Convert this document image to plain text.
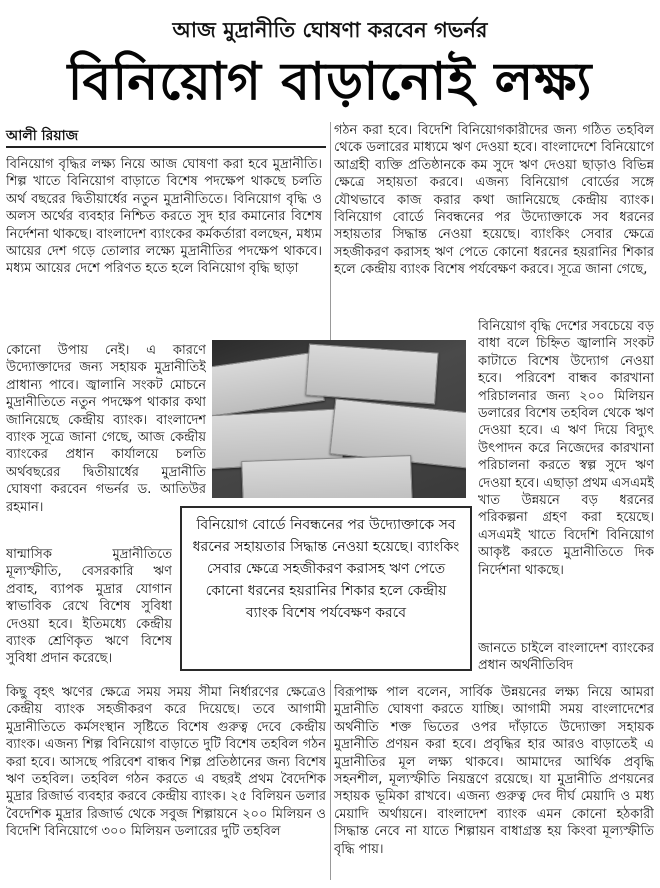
আজ মুদ্রানীতি ঘোষণা করবেন গভর্নর
বিনিয়োগ বাড়ানোই লক্ষ্য
আলী রিয়াজ
বিনিয়োগ বৃদ্ধির লক্ষ্য নিয়ে আজ ঘোষণা করা হবে মুদ্রানীতি। শিল্প খাতে বিনিয়োগ বাড়াতে বিশেষ পদক্ষেপ থাকছে চলতি অর্থ বছরের দ্বিতীয়ার্ধের নতুন মুদ্রানীতিতে। বিনিয়োগ বৃদ্ধি ও অলস অর্থের ব্যবহার নিশ্চিত করতে সুদ হার কমানোর বিশেষ নির্দেশনা থাকছে। বাংলাদেশ ব্যাংকের কর্মকর্তারা বলছেন, মধ্যম আয়ের দেশ গড়ে তোলার লক্ষ্যে মুদ্রানীতির পদক্ষেপ থাকবে। মধ্যম আয়ের দেশে পরিণত হতে হলে বিনিয়োগ বৃদ্ধি ছাড়া
কোনো উপায় নেই। এ কারণে উদ্যোক্তাদের জন্য সহায়ক মুদ্রানীতিই প্রাধান্য পাবে। জ্বালানি সংকট মোচনে মুদ্রানীতিতে নতুন পদক্ষেপ থাকার কথা জানিয়েছে কেন্দ্রীয় ব্যাংক। বাংলাদেশ ব্যাংক সূত্রে জানা গেছে, আজ কেন্দ্রীয় ব্যাংকের প্রধান কার্যালয়ে চলতি অর্থবছরের দ্বিতীয়ার্ধের মুদ্রানীতি ঘোষণা করবেন গভর্নর ড. আতিউর রহমান।
ষান্মাসিক মুদ্রানীতিতে মূল্যস্ফীতি, বেসরকারি ঋণ প্রবাহ, ব্যাপক মুদ্রার যোগান স্বাভাবিক রেখে বিশেষ সুবিধা দেওয়া হবে। ইতিমধ্যে কেন্দ্রীয় ব্যাংক শ্রেণিকৃত ঋণে বিশেষ সুবিধা প্রদান করেছে।
কিছু বৃহৎ ঋণের ক্ষেত্রে সময় সময় সীমা নির্ধারণের ক্ষেত্রেও কেন্দ্রীয় ব্যাংক সহজীকরণ করে দিয়েছে। তবে আগামী মুদ্রানীতিতে কর্মসংস্থান সৃষ্টিতে বিশেষ গুরুত্ব দেবে কেন্দ্রীয় ব্যাংক। এজন্য শিল্প বিনিয়োগ বাড়াতে দুটি বিশেষ তহবিল গঠন করা হবে। আসছে পরিবেশ বান্ধব শিল্প প্রতিষ্ঠানের জন্য বিশেষ ঋণ তহবিল। তহবিল গঠন করতে এ বছরই প্রথম বৈদেশিক মুদ্রার রিজার্ভ ব্যবহার করবে কেন্দ্রীয় ব্যাংক। ২৫ বিলিয়ন ডলার বৈদেশিক মুদ্রার রিজার্ভ থেকে সবুজ শিল্পায়নে ২০০ মিলিয়ন ও বিদেশি বিনিয়োগে ৩০০ মিলিয়ন ডলারের দুটি তহবিল
গঠন করা হবে। বিদেশি বিনিয়োগকারীদের জন্য গঠিত তহবিল থেকে ডলারের মাধ্যমে ঋণ দেওয়া হবে। বাংলাদেশে বিনিয়োগে আগ্রহী ব্যক্তি প্রতিষ্ঠানকে কম সুদে ঋণ দেওয়া ছাড়াও বিভিন্ন ক্ষেত্রে সহায়তা করবে। এজন্য বিনিয়োগ বোর্ডের সঙ্গে যৌথভাবে কাজ করার কথা জানিয়েছে কেন্দ্রীয় ব্যাংক। বিনিয়োগ বোর্ডে নিবন্ধনের পর উদ্যোক্তাকে সব ধরনের সহায়তার সিদ্ধান্ত নেওয়া হয়েছে। ব্যাংকিং সেবার ক্ষেত্রে সহজীকরণ করাসহ ঋণ পেতে কোনো ধরনের হয়রানির শিকার হলে কেন্দ্রীয় ব্যাংক বিশেষ পর্যবেক্ষণ করবে। সূত্রে জানা গেছে,
বিনিয়োগ বৃদ্ধি দেশের সবচেয়ে বড় বাধা বলে চিহ্নিত জ্বালানি সংকট কাটাতে বিশেষ উদ্যোগ নেওয়া হবে। পরিবেশ বান্ধব কারখানা পরিচালনার জন্য ২০০ মিলিয়ন ডলারের বিশেষ তহবিল থেকে ঋণ দেওয়া হবে। এ ঋণ দিয়ে বিদ্যুৎ উৎপাদন করে নিজেদের কারখানা পরিচালনা করতে স্বল্প সুদে ঋণ দেওয়া হবে। এছাড়া প্রথম এসএমই খাত উন্নয়নে বড় ধরনের পরিকল্পনা গ্রহণ করা হয়েছে। এসএমই খাতে বিদেশি বিনিয়োগ আকৃষ্ট করতে মুদ্রানীতিতে দিক নির্দেশনা থাকছে।
জানতে চাইলে বাংলাদেশ ব্যাংকের প্রধান অর্থনীতিবিদ
বিরূপাক্ষ পাল বলেন, সার্বিক উন্নয়নের লক্ষ্য নিয়ে আমরা মুদ্রানীতি ঘোষণা করতে যাচ্ছি। আগামী সময় বাংলাদেশের অর্থনীতি শক্ত ভিতের ওপর দাঁড়াতে উদ্যোক্তা সহায়ক মুদ্রানীতি প্রণয়ন করা হবে। প্রবৃদ্ধির হার আরও বাড়াতেই এ মুদ্রানীতির মূল লক্ষ্য থাকবে। আমাদের আর্থিক প্রবৃদ্ধি সহনশীল, মূল্যস্ফীতি নিয়ন্ত্রণে রয়েছে। যা মুদ্রানীতি প্রণয়নের সহায়ক ভূমিকা রাখবে। এজন্য গুরুত্ব দেব দীর্ঘ মেয়াদি ও মধ্য মেয়াদি অর্থায়নে। বাংলাদেশ ব্যাংক এমন কোনো হঠকারী সিদ্ধান্ত নেবে না যাতে শিল্পায়ন বাধাগ্রস্ত হয় কিংবা মূল্যস্ফীতি বৃদ্ধি পায়।
বিনিয়োগ বোর্ডে নিবন্ধনের পর উদ্যোক্তাকে সব ধরনের সহায়তার সিদ্ধান্ত নেওয়া হয়েছে। ব্যাংকিং সেবার ক্ষেত্রে সহজীকরণ করাসহ ঋণ পেতে কোনো ধরনের হয়রানির শিকার হলে কেন্দ্রীয় ব্যাংক বিশেষ পর্যবেক্ষণ করবে
